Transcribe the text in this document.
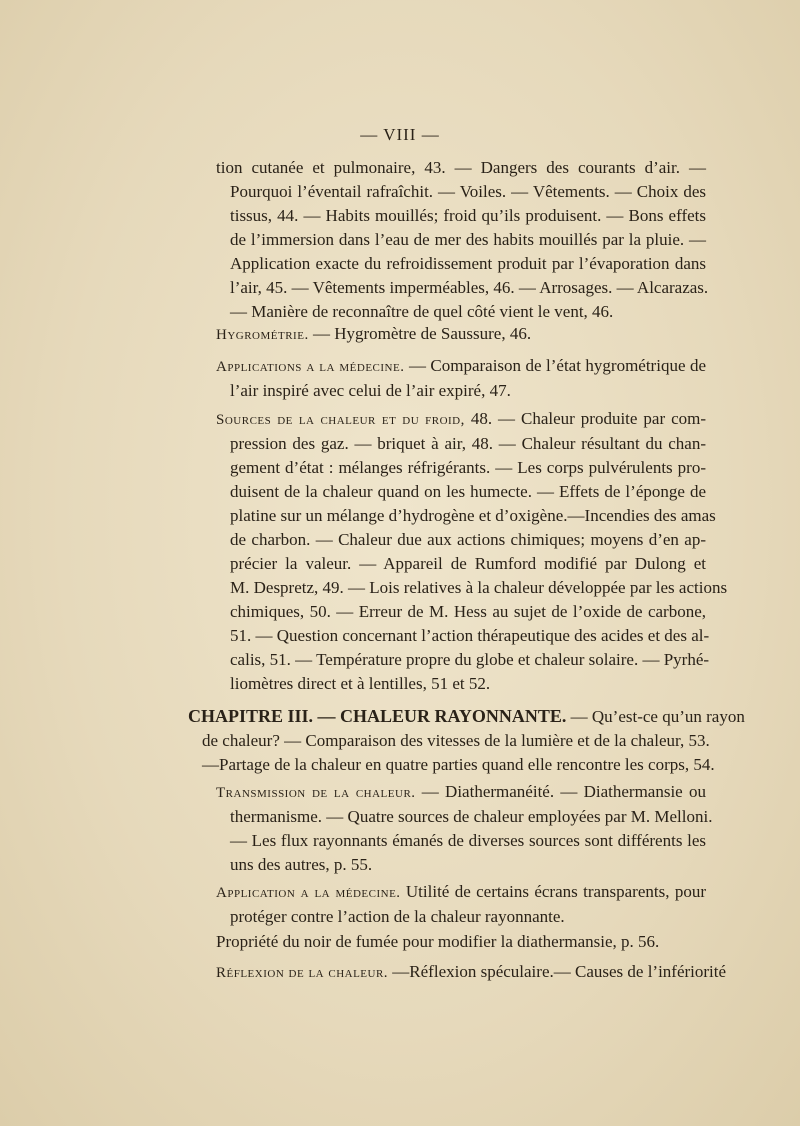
— VIII —
tion cutanée et pulmonaire, 43. — Dangers des courants d’air. —
Pourquoi l’éventail rafraîchit. — Voiles. — Vêtements. — Choix des
tissus, 44. — Habits mouillés; froid qu’ils produisent. — Bons effets
de l’immersion dans l’eau de mer des habits mouillés par la pluie. —
Application exacte du refroidissement produit par l’évaporation dans
l’air, 45. — Vêtements imperméables, 46. — Arrosages. — Alcarazas.
— Manière de reconnaître de quel côté vient le vent, 46.
Hygrométrie. — Hygromètre de Saussure, 46.
Applications a la médecine. — Comparaison de l’état hygrométrique de
l’air inspiré avec celui de l’air expiré, 47.
Sources de la chaleur et du froid, 48. — Chaleur produite par com-
pression des gaz. — briquet à air, 48. — Chaleur résultant du chan-
gement d’état : mélanges réfrigérants. — Les corps pulvérulents pro-
duisent de la chaleur quand on les humecte. — Effets de l’éponge de
platine sur un mélange d’hydrogène et d’oxigène.—Incendies des amas
de charbon. — Chaleur due aux actions chimiques; moyens d’en ap-
précier la valeur. — Appareil de Rumford modifié par Dulong et
M. Despretz, 49. — Lois relatives à la chaleur développée par les actions
chimiques, 50. — Erreur de M. Hess au sujet de l’oxide de carbone,
51. — Question concernant l’action thérapeutique des acides et des al-
calis, 51. — Température propre du globe et chaleur solaire. — Pyrhé-
liomètres direct et à lentilles, 51 et 52.
CHAPITRE III. — CHALEUR RAYONNANTE. — Qu’est-ce qu’un rayon
de chaleur? — Comparaison des vitesses de la lumière et de la chaleur, 53.
—Partage de la chaleur en quatre parties quand elle rencontre les corps, 54.
Transmission de la chaleur. — Diathermanéité. — Diathermansie ou
thermanisme. — Quatre sources de chaleur employées par M. Melloni.
— Les flux rayonnants émanés de diverses sources sont différents les
uns des autres, p. 55.
Application a la médecine. Utilité de certains écrans transparents, pour
protéger contre l’action de la chaleur rayonnante.
Propriété du noir de fumée pour modifier la diathermansie, p. 56.
Réflexion de la chaleur. —Réflexion spéculaire.— Causes de l’infériorité
